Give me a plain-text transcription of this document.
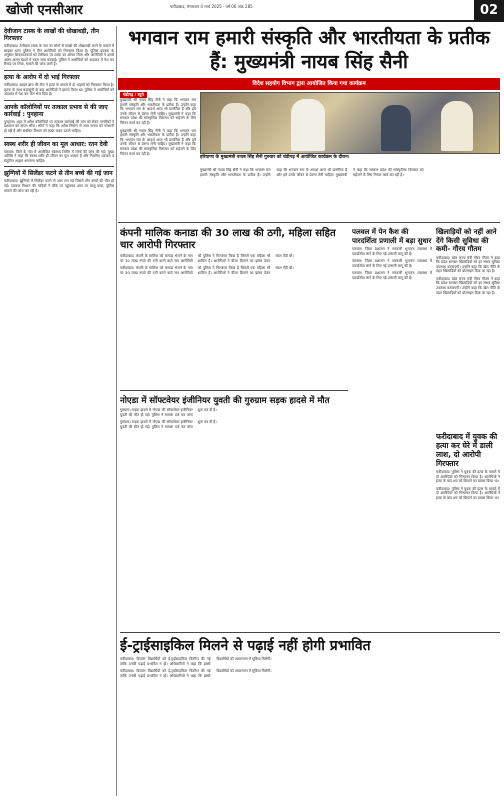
खोजी एनसीआर	फरीदाबाद, मंगलवार 4 मार्च 2025 · वर्ष 06 अंक 285	02
देवीजाग टास्क के लाखों की धोखाधड़ी, तीन गिरफ्तार
फरीदाबाद। टेलीग्राम टास्क के नाम पर लोगों से लाखों की धोखाधड़ी करने के मामले में साइबर थाना पुलिस ने तीन आरोपियों को गिरफ्तार किया है। पुलिस प्रवक्ता के अनुसार शिकायतकर्ता को टेलीग्राम पर टास्क का ऑफर मिला और आरोपियों ने उससे अलग-अलग खातों में रकम जमा करवाई। पुलिस ने आरोपियों को अदालत में पेश कर रिमांड पर लिया, मामले की जांच जारी है।
हत्या के आरोप में दो भाई गिरफ्तार
फरीदाबाद। क्राइम ब्रांच की टीम ने हत्या के मामले में दो भाइयों को गिरफ्तार किया है। मृतक के साथ कहासुनी के बाद आरोपियों ने हमला किया था। पुलिस ने आरोपियों को अदालत में पेश कर जेल भेज दिया है।
आपके कॉलोनियों पर तत्काल प्रभाव से की जाए कार्रवाई : पुनहाना
पुनहाना। शहर में अवैध कॉलोनियों पर तत्काल कार्रवाई की मांग को लेकर नागरिकों ने प्रशासन को ज्ञापन सौंपा। लोगों ने कहा कि अवैध निर्माण से आम जनता को परेशानी हो रही है और संबंधित विभाग को सख्त कदम उठाने चाहिए।
स्वस्थ शरीर ही जीवन का मूल आधार: रतन देवी
पलवल। जिले के गांव में आयोजित स्वास्थ्य शिविर में लोगों की जांच की गई। मुख्य अतिथि ने कहा कि स्वस्थ शरीर ही जीवन का मूल आधार है और नियमित व्यायाम व संतुलित आहार अपनाना चाहिए।
झुग्गियों में सिलेंडर फटने से तीन बच्चे की गई जान
फरीदाबाद। झुग्गियों में सिलेंडर फटने से आग लग गई जिसमें तीन बच्चों की मौत हो गई। दमकल विभाग की गाड़ियों ने मौके पर पहुंचकर आग पर काबू पाया, पुलिस मामले की जांच कर रही है।
भगवान राम हमारी संस्कृति और भारतीयता के प्रतीक हैं: मुख्यमंत्री नायब सिंह सैनी
विदेश सहयोग विभाग द्वारा आयोजित किया गया कार्यक्रम
चंडीगढ़ / ब्यूरो
मुख्यमंत्री श्री नायब सिंह सैनी ने कहा कि भगवान राम हमारी संस्कृति और भारतीयता के प्रतीक हैं। उन्होंने कहा कि भगवान राम के आदर्श आज भी प्रासंगिक हैं और हमें उनके जीवन से प्रेरणा लेनी चाहिए। मुख्यमंत्री ने कहा कि सरकार प्रदेश की सांस्कृतिक विरासत को सहेजने के लिए निरंतर कार्य कर रही है।
मुख्यमंत्री श्री नायब सिंह सैनी ने कहा कि भगवान राम हमारी संस्कृति और भारतीयता के प्रतीक हैं। उन्होंने कहा कि भगवान राम के आदर्श आज भी प्रासंगिक हैं और हमें उनके जीवन से प्रेरणा लेनी चाहिए। मुख्यमंत्री ने कहा कि सरकार प्रदेश की सांस्कृतिक विरासत को सहेजने के लिए निरंतर कार्य कर रही है।
हरियाणा के मुख्यमंत्री नायब सिंह सैनी गुरुवार को चंडीगढ़ में आयोजित कार्यक्रम के दौरान।
मुख्यमंत्री श्री नायब सिंह सैनी ने कहा कि भगवान राम हमारी संस्कृति और भारतीयता के प्रतीक हैं। उन्होंने कहा कि भगवान राम के आदर्श आज भी प्रासंगिक हैं और हमें उनके जीवन से प्रेरणा लेनी चाहिए। मुख्यमंत्री ने कहा कि सरकार प्रदेश की सांस्कृतिक विरासत को सहेजने के लिए निरंतर कार्य कर रही है।
कंपनी मालिक कनाडा की 30 लाख की ठगी, महिला सहित चार आरोपी गिरफ्तार
फरीदाबाद। कंपनी के मालिक को कनाडा भेजने के नाम पर 30 लाख रुपये की ठगी करने वाले चार आरोपियों को पुलिस ने गिरफ्तार किया है जिसमें एक महिला भी शामिल है। आरोपियों ने वीजा दिलाने का झांसा देकर रकम ऐंठी थी।
फरीदाबाद। कंपनी के मालिक को कनाडा भेजने के नाम पर 30 लाख रुपये की ठगी करने वाले चार आरोपियों को पुलिस ने गिरफ्तार किया है जिसमें एक महिला भी शामिल है। आरोपियों ने वीजा दिलाने का झांसा देकर रकम ऐंठी थी।
पलवल में पेन कैश की पारदर्शिता प्रणाली में बड़ा सुधार
पलवल। जिला प्रशासन ने सरकारी भुगतान व्यवस्था में पारदर्शिता लाने के लिए नई प्रणाली लागू की है।
पलवल। जिला प्रशासन ने सरकारी भुगतान व्यवस्था में पारदर्शिता लाने के लिए नई प्रणाली लागू की है।
पलवल। जिला प्रशासन ने सरकारी भुगतान व्यवस्था में पारदर्शिता लाने के लिए नई प्रणाली लागू की है।
खिलाड़ियों को नहीं आने देंगे किसी सुविधा की कमी- गौरव गौतम
फरीदाबाद। खेल राज्य मंत्री गौरव गौतम ने कहा कि प्रदेश सरकार खिलाड़ियों को हर संभव सुविधा उपलब्ध करवाएगी। उन्होंने कहा कि खेल नीति के तहत खिलाड़ियों को प्रोत्साहन दिया जा रहा है।
फरीदाबाद। खेल राज्य मंत्री गौरव गौतम ने कहा कि प्रदेश सरकार खिलाड़ियों को हर संभव सुविधा उपलब्ध करवाएगी। उन्होंने कहा कि खेल नीति के तहत खिलाड़ियों को प्रोत्साहन दिया जा रहा है।
नोएडा में सॉफ्टवेयर इंजीनियर युवती की गुरुग्राम सड़क हादसे में मौत
गुरुग्राम। सड़क हादसे में नोएडा की सॉफ्टवेयर इंजीनियर युवती की मौत हो गई। पुलिस ने मामला दर्ज कर जांच शुरू कर दी है।
गुरुग्राम। सड़क हादसे में नोएडा की सॉफ्टवेयर इंजीनियर युवती की मौत हो गई। पुलिस ने मामला दर्ज कर जांच शुरू कर दी है।
फरीदाबाद में युवक की हत्या कर घेरे में डाली लाश, दो आरोपी गिरफ्तार
फरीदाबाद। पुलिस ने युवक की हत्या के मामले में दो आरोपियों को गिरफ्तार किया है। आरोपियों ने हत्या के बाद शव को छिपाने का प्रयास किया था।
फरीदाबाद। पुलिस ने युवक की हत्या के मामले में दो आरोपियों को गिरफ्तार किया है। आरोपियों ने हत्या के बाद शव को छिपाने का प्रयास किया था।
ई-ट्राईसाइकिल मिलने से पढ़ाई नहीं होगी प्रभावित
फरीदाबाद। दिव्यांग विद्यार्थियों को ई-ट्राईसाइकिल वितरित की गई ताकि उनकी पढ़ाई प्रभावित न हो। अधिकारियों ने कहा कि इससे विद्यार्थियों को आवागमन में सुविधा मिलेगी।
फरीदाबाद। दिव्यांग विद्यार्थियों को ई-ट्राईसाइकिल वितरित की गई ताकि उनकी पढ़ाई प्रभावित न हो। अधिकारियों ने कहा कि इससे विद्यार्थियों को आवागमन में सुविधा मिलेगी।
